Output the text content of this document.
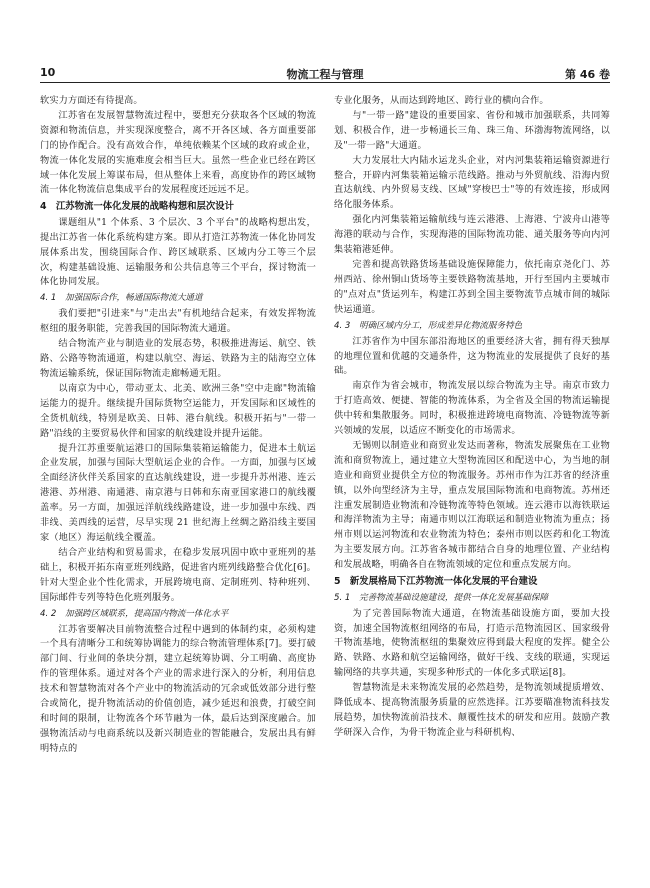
10	物流工程与管理	第 46 卷

软实力方面还有待提高。

江苏省在发展智慧物流过程中，要想充分获取各个区域的物流资源和物流信息，并实现深度整合，离不开各区域、各方面重要部门的协作配合。没有高效合作，单纯依赖某个区域的政府或企业，物流一体化发展的实施难度会相当巨大。虽然一些企业已经在跨区域一体化发展上筹谋布局，但从整体上来看，高度协作的跨区域物流一体化物流信息集成平台的发展程度还远远不足。

4　江苏物流一体化发展的战略构想和层次设计

课题组从"1 个体系、3 个层次、3 个平台"的战略构想出发，提出江苏省一体化系统构建方案。即从打造江苏物流一体化协同发展体系出发，围绕国际合作、跨区域联系、区域内分工等三个层次，构建基础设施、运输服务和公共信息等三个平台，探讨物流一体化协同发展。

4. 1　加强国际合作，畅通国际物流大通道

我们要把"引进来"与"走出去"有机地结合起来，有效发挥物流枢纽的服务职能，完善我国的国际物流大通道。

结合物流产业与制造业的发展态势，积极推进海运、航空、铁路、公路等物流通道，构建以航空、海运、铁路为主的陆海空立体物流运输系统，保证国际物流走廊畅通无阻。

以南京为中心，带动亚太、北美、欧洲三条"空中走廊"物流输运能力的提升。继续提升国际货物空运能力，开发国际和区域性的全货机航线，特别是欧美、日韩、港台航线。积极开拓与"一带一路"沿线的主要贸易伙伴和国家的航线建设并提升运能。

提升江苏重要航运港口的国际集装箱运输能力，促进本土航运企业发展，加强与国际大型航运企业的合作。一方面，加强与区域全面经济伙伴关系国家的直达航线建设，进一步提升苏州港、连云港港、苏州港、南通港、南京港与日韩和东南亚国家港口的航线覆盖率。另一方面，加强远洋航线线路建设，进一步加强中东线、西非线、美西线的运营，尽早实现 21 世纪海上丝绸之路沿线主要国家（地区）海运航线全覆盖。

结合产业结构和贸易需求，在稳步发展巩固中欧中亚班列的基础上，积极开拓东南亚班列线路，促进省内班列线路整合优化[6]。针对大型企业个性化需求，开展跨境电商、定制班列、特种班列、国际邮件专列等特色化班列服务。

4. 2　加强跨区域联系，提高国内物流一体化水平

江苏省要解决目前物流整合过程中遇到的体制约束，必须构建一个具有清晰分工和统筹协调能力的综合物流管理体系[7]。要打破部门间、行业间的条块分割，建立起统筹协调、分工明确、高度协作的管理体系。通过对各个产业的需求进行深入的分析，利用信息技术和智慧物流对各个产业中的物流活动的冗余或低效部分进行整合或简化，提升物流活动的价值创造，减少延迟和浪费，打破空间和时间的限制，让物流各个环节融为一体，最后达到深度融合。加强物流活动与电商系统以及新兴制造业的智能融合，发展出具有鲜明特点的

专业化服务，从而达到跨地区、跨行业的横向合作。

与"一带一路"建设的重要国家、省份和城市加强联系，共同筹划、积极合作，进一步畅通长三角、珠三角、环渤海物流网络，以及"一带一路"大通道。

大力发展壮大内陆水运龙头企业，对内河集装箱运输资源进行整合，开辟内河集装箱运输示范线路。推动与外贸航线、沿海内贸直达航线、内外贸易支线、区域"穿梭巴士"等的有效连接，形成网络化服务体系。

强化内河集装箱运输航线与连云港港、上海港、宁波舟山港等海港的联动与合作，实现海港的国际物流功能、通关服务等向内河集装箱港延伸。

完善和提高铁路货场基础设施保障能力，依托南京尧化门、苏州西站、徐州铜山货场等主要铁路物流基地，开行至国内主要城市的"点对点"货运列车，构建江苏到全国主要物流节点城市间的城际快运通道。

4. 3　明确区域内分工，形成差异化物流服务特色

江苏省作为中国东部沿海地区的重要经济大省，拥有得天独厚的地理位置和优越的交通条件，这为物流业的发展提供了良好的基础。

南京作为省会城市，物流发展以综合物流为主导。南京市致力于打造高效、便捷、智能的物流体系，为全省及全国的物流运输提供中转和集散服务。同时，积极推进跨境电商物流、冷链物流等新兴领域的发展，以适应不断变化的市场需求。

无锡则以制造业和商贸业发达而著称，物流发展聚焦在工业物流和商贸物流上，通过建立大型物流园区和配送中心，为当地的制造业和商贸业提供全方位的物流服务。苏州市作为江苏省的经济重镇，以外向型经济为主导，重点发展国际物流和电商物流。苏州还注重发展制造业物流和冷链物流等特色领域。连云港市以海铁联运和海洋物流为主导；南通市则以江海联运和制造业物流为重点；扬州市则以运河物流和农业物流为特色；泰州市则以医药和化工物流为主要发展方向。江苏省各城市都结合自身的地理位置、产业结构和发展战略，明确各自在物流领域的定位和重点发展方向。

5　新发展格局下江苏物流一体化发展的平台建设
5. 1　完善物流基础设施建设，提供一体化发展基础保障

为了完善国际物流大通道，在物流基础设施方面，要加大投资，加速全国物流枢纽网络的布局，打造示范物流园区、国家级骨干物流基地，使物流枢纽的集聚效应得到最大程度的发挥。健全公路、铁路、水路和航空运输网络，做好干线、支线的联通，实现运输网络的共享共通，实现多种形式的一体化多式联运[8]。

智慧物流是未来物流发展的必然趋势，是物流领域提质增效、降低成本、提高物流服务质量的应然选择。江苏要瞄准物流科技发展趋势，加快物流前沿技术、颠覆性技术的研发和应用。鼓励产教学研深入合作，为骨干物流企业与科研机构、
